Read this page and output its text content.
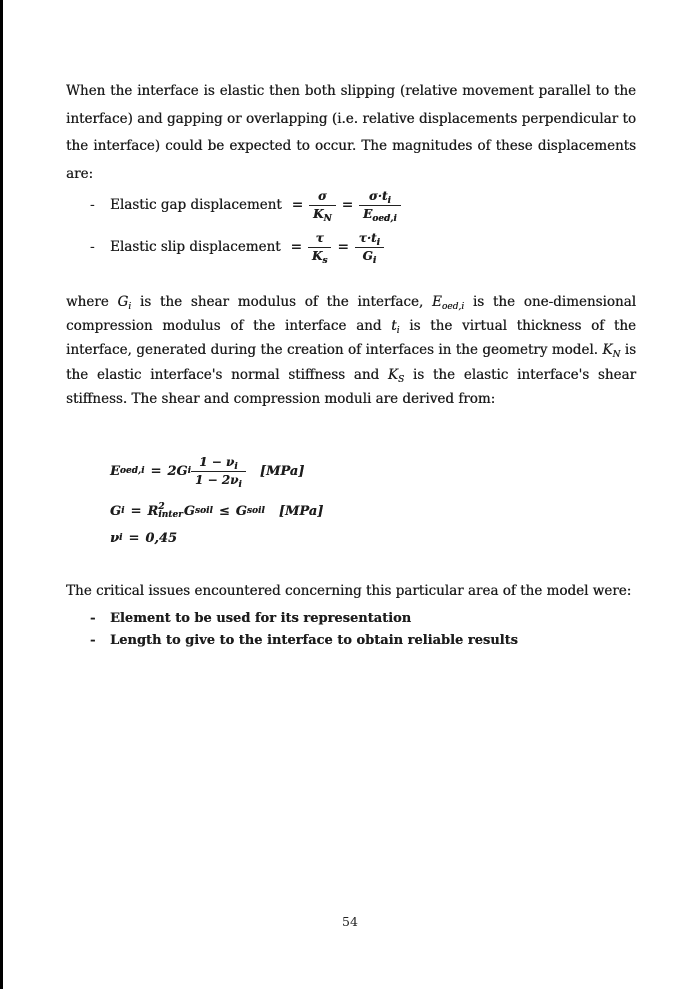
When the interface is elastic then both slipping (relative movement parallel to the interface) and gapping or overlapping (i.e. relative displacements perpendicular to the interface) could be expected to occur. The magnitudes of these displacements are:
-	Elastic gap displacement = $\frac{\sigma}{K_N} = \frac{\sigma\cdot t_i}{E_{oed,i}}$
-	Elastic slip displacement = $\frac{\tau}{K_s} = \frac{\tau\cdot t_i}{G_i}$
where $G_i$ is the shear modulus of the interface, $E_{oed,i}$ is the one-dimensional compression modulus of the interface and $t_i$ is the virtual thickness of the interface, generated during the creation of interfaces in the geometry model. $K_N$ is the elastic interface's normal stiffness and $K_S$ is the elastic interface's shear stiffness. The shear and compression moduli are derived from:
E oed,i = 2G i $\frac{1 - \nu_i}{1 - 2\nu_i} [MPa]$
G i = R 2
inter G soil ≤ G soil [MPa]
ν i = 0,45
The critical issues encountered concerning this particular area of the model were:
-	Element to be used for its representation
-	Length to give to the interface to obtain reliable results
54
